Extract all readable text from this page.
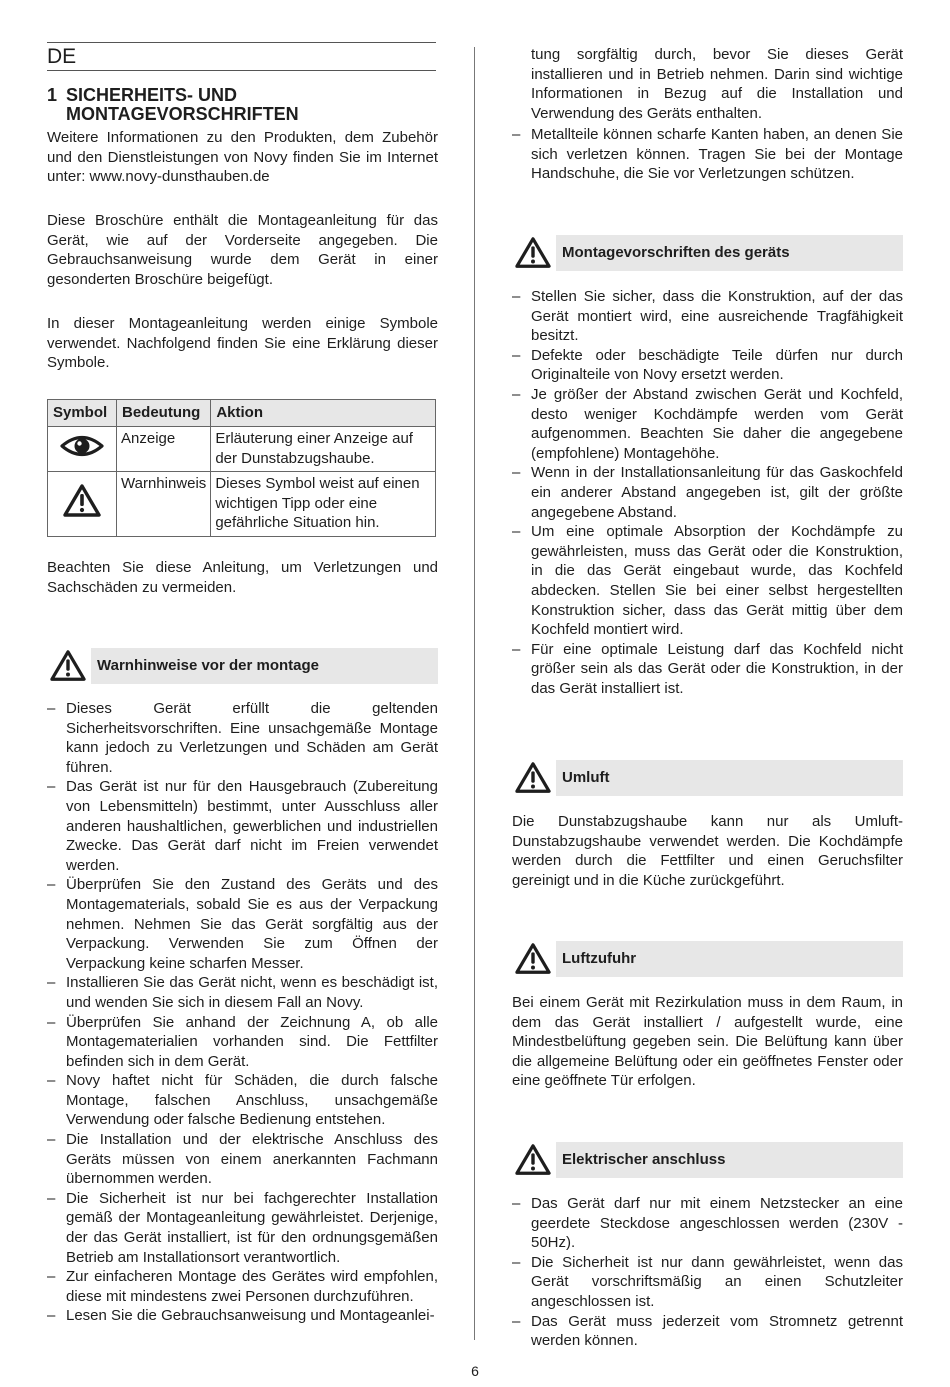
DE
1 SICHERHEITS- UND
MONTAGEVORSCHRIFTEN

Weitere Informationen zu den Produkten, dem Zubehör und den Dienstleistungen von Novy finden Sie im Internet unter: www.novy-dunsthauben.de

Diese Broschüre enthält die Montageanleitung für das Gerät, wie auf der Vorderseite angegeben. Die Gebrauchsanweisung wurde dem Gerät in einer gesonderten Broschüre beigefügt.

In dieser Montageanleitung werden einige Symbole verwendet. Nachfolgend finden Sie eine Erklärung dieser Symbole.

Symbol	Bedeutung	Aktion
	Anzeige	Erläuterung einer Anzeige auf der Dunstabzugshaube.
	Warnhinweis	Dieses Symbol weist auf einen wichtigen Tipp oder eine gefährliche Situation hin.

Beachten Sie diese Anleitung, um Verletzungen und Sachschäden zu vermeiden.

Warnhinweise vor der montage
– Dieses Gerät erfüllt die geltenden Sicherheitsvorschriften. Eine unsachgemäße Montage kann jedoch zu Verletzungen und Schäden am Gerät führen.
– Das Gerät ist nur für den Hausgebrauch (Zubereitung von Lebensmitteln) bestimmt, unter Ausschluss aller anderen haushaltlichen, gewerblichen und industriellen Zwecke. Das Gerät darf nicht im Freien verwendet werden.
– Überprüfen Sie den Zustand des Geräts und des Montagematerials, sobald Sie es aus der Verpackung nehmen. Nehmen Sie das Gerät sorgfältig aus der Verpackung. Verwenden Sie zum Öffnen der Verpackung keine scharfen Messer.
– Installieren Sie das Gerät nicht, wenn es beschädigt ist, und wenden Sie sich in diesem Fall an Novy.
– Überprüfen Sie anhand der Zeichnung A, ob alle Montagematerialien vorhanden sind. Die Fettfilter befinden sich in dem Gerät.
– Novy haftet nicht für Schäden, die durch falsche Montage, falschen Anschluss, unsachgemäße Verwendung oder falsche Bedienung entstehen.
– Die Installation und der elektrische Anschluss des Geräts müssen von einem anerkannten Fachmann übernommen werden.
– Die Sicherheit ist nur bei fachgerechter Installation gemäß der Montageanleitung gewährleistet. Derjenige, der das Gerät installiert, ist für den ordnungsgemäßen Betrieb am Installationsort verantwortlich.
– Zur einfacheren Montage des Gerätes wird empfohlen, diese mit mindestens zwei Personen durchzuführen.
– Lesen Sie die Gebrauchsanweisung und Montageanlei-
tung sorgfältig durch, bevor Sie dieses Gerät installieren und in Betrieb nehmen. Darin sind wichtige Informationen in Bezug auf die Installation und Verwendung des Geräts enthalten.
– Metallteile können scharfe Kanten haben, an denen Sie sich verletzen können. Tragen Sie bei der Montage Handschuhe, die Sie vor Verletzungen schützen.
Montagevorschriften des geräts
– Stellen Sie sicher, dass die Konstruktion, auf der das Gerät montiert wird, eine ausreichende Tragfähigkeit besitzt.
– Defekte oder beschädigte Teile dürfen nur durch Originalteile von Novy ersetzt werden.
– Je größer der Abstand zwischen Gerät und Kochfeld, desto weniger Kochdämpfe werden vom Gerät aufgenommen. Beachten Sie daher die angegebene (empfohlene) Montagehöhe.
– Wenn in der Installationsanleitung für das Gaskochfeld ein anderer Abstand angegeben ist, gilt der größte angegebene Abstand.
– Um eine optimale Absorption der Kochdämpfe zu gewährleisten, muss das Gerät oder die Konstruktion, in die das Gerät eingebaut wurde, das Kochfeld abdecken. Stellen Sie bei einer selbst hergestellten Konstruktion sicher, dass das Gerät mittig über dem Kochfeld montiert wird.
– Für eine optimale Leistung darf das Kochfeld nicht größer sein als das Gerät oder die Konstruktion, in der das Gerät installiert ist.
Umluft

Die Dunstabzugshaube kann nur als Umluft-Dunstabzugshaube verwendet werden. Die Kochdämpfe werden durch die Fettfilter und einen Geruchsfilter gereinigt und in die Küche zurückgeführt.

Luftzufuhr

Bei einem Gerät mit Rezirkulation muss in dem Raum, in dem das Gerät installiert / aufgestellt wurde, eine Mindestbelüftung gegeben sein. Die Belüftung kann über die allgemeine Belüftung oder ein geöffnetes Fenster oder eine geöffnete Tür erfolgen.

Elektrischer anschluss
– Das Gerät darf nur mit einem Netzstecker an eine geerdete Steckdose angeschlossen werden (230V - 50Hz).
– Die Sicherheit ist nur dann gewährleistet, wenn das Gerät vorschriftsmäßig an einen Schutzleiter angeschlossen ist.
– Das Gerät muss jederzeit vom Stromnetz getrennt werden können.
6
